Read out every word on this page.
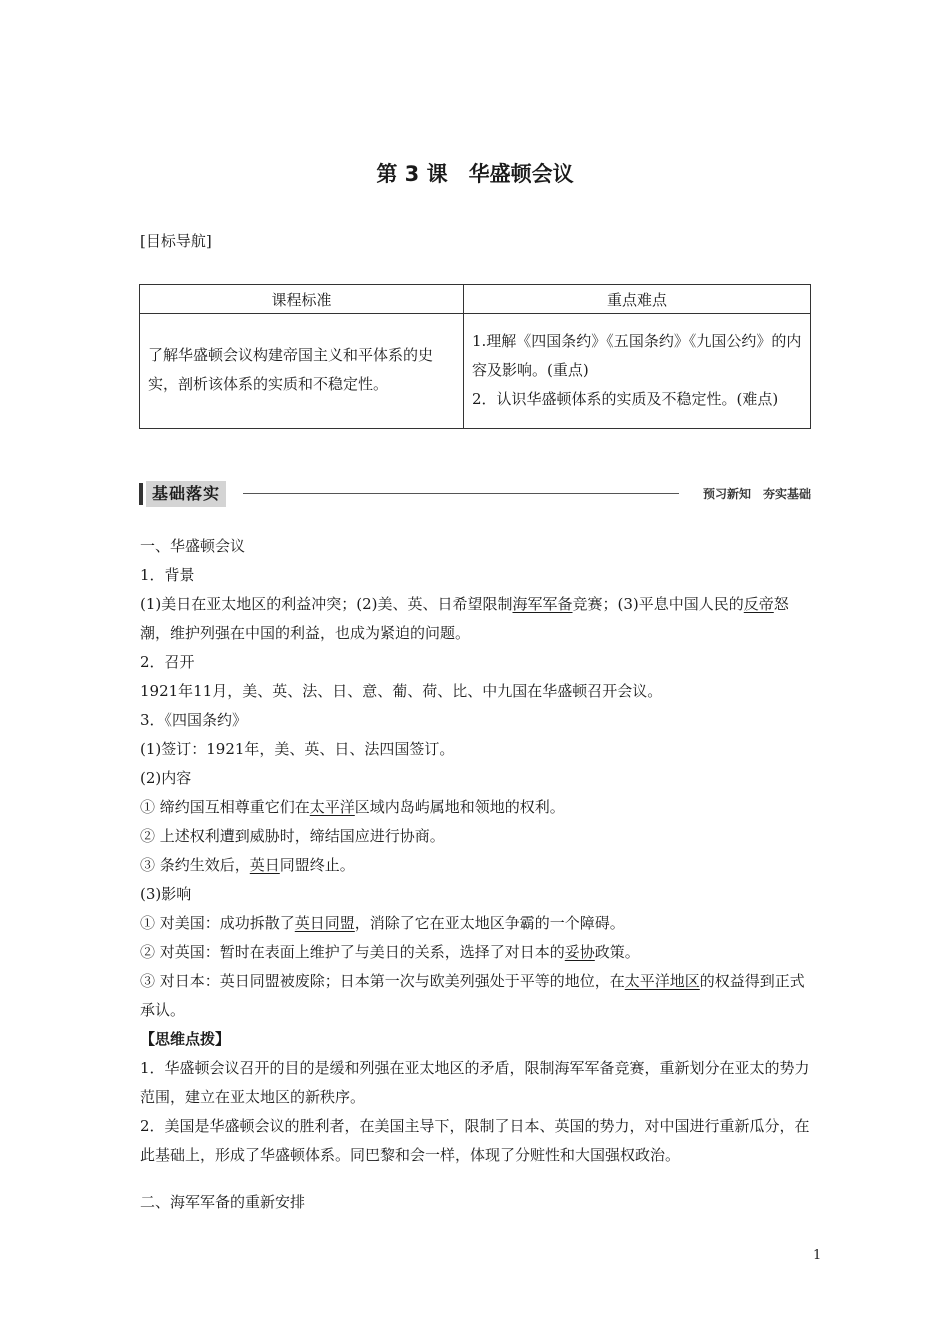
第 3 课　华盛顿会议
[目标导航]
课程标准	重点难点
了解华盛顿会议构建帝国主义和平体系的史实，剖析该体系的实质和不稳定性。	1.理解《四国条约》《五国条约》《九国公约》的内容及影响。(重点)
2．认识华盛顿体系的实质及不稳定性。(难点)
基础落实	预习新知　夯实基础

一、华盛顿会议

1．背景

(1)美日在亚太地区的利益冲突；(2)美、英、日希望限制海军军备竞赛；(3)平息中国人民的反帝怒潮，维护列强在中国的利益，也成为紧迫的问题。

2．召开

1921年11月，美、英、法、日、意、葡、荷、比、中九国在华盛顿召开会议。

3．《四国条约》

(1)签订：1921年，美、英、日、法四国签订。

(2)内容

① 缔约国互相尊重它们在太平洋区域内岛屿属地和领地的权利。

② 上述权利遭到威胁时，缔结国应进行协商。

③ 条约生效后，英日同盟终止。

(3)影响

① 对美国：成功拆散了英日同盟，消除了它在亚太地区争霸的一个障碍。

② 对英国：暂时在表面上维护了与美日的关系，选择了对日本的妥协政策。

③ 对日本：英日同盟被废除；日本第一次与欧美列强处于平等的地位，在太平洋地区的权益得到正式承认。

【思维点拨】

1．华盛顿会议召开的目的是缓和列强在亚太地区的矛盾，限制海军军备竞赛，重新划分在亚太的势力范围，建立在亚太地区的新秩序。

2．美国是华盛顿会议的胜利者，在美国主导下，限制了日本、英国的势力，对中国进行重新瓜分，在此基础上，形成了华盛顿体系。同巴黎和会一样，体现了分赃性和大国强权政治。

二、海军军备的重新安排

1
